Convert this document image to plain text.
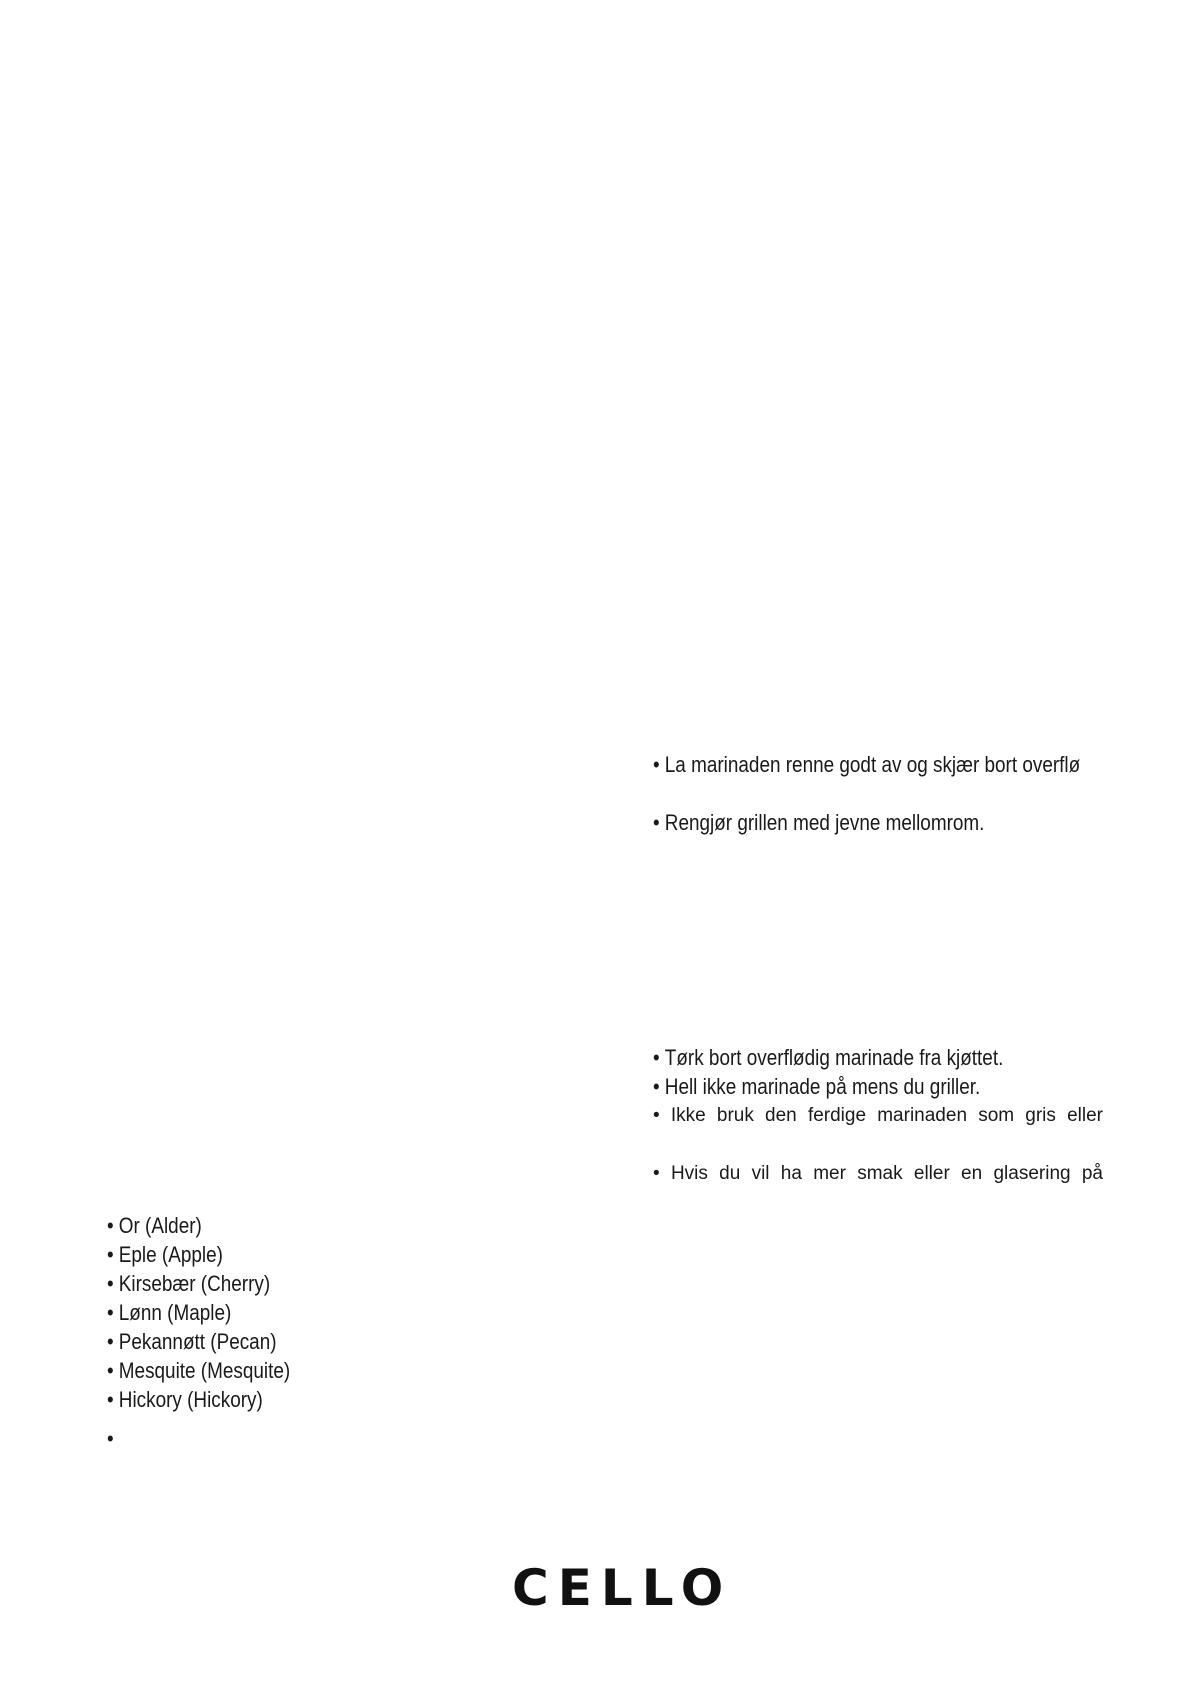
• La marinaden renne godt av og skjær bort overflø
• Rengjør grillen med jevne mellomrom.
• Tørk bort overflødig marinade fra kjøttet.
• Hell ikke marinade på mens du griller.
• Ikke bruk den ferdige marinaden som gris eller
• Hvis du vil ha mer smak eller en glasering på
• Or (Alder)
• Eple (Apple)
• Kirsebær (Cherry)
• Lønn (Maple)
• Pekannøtt (Pecan)
• Mesquite (Mesquite)
• Hickory (Hickory)
•
CELLO
